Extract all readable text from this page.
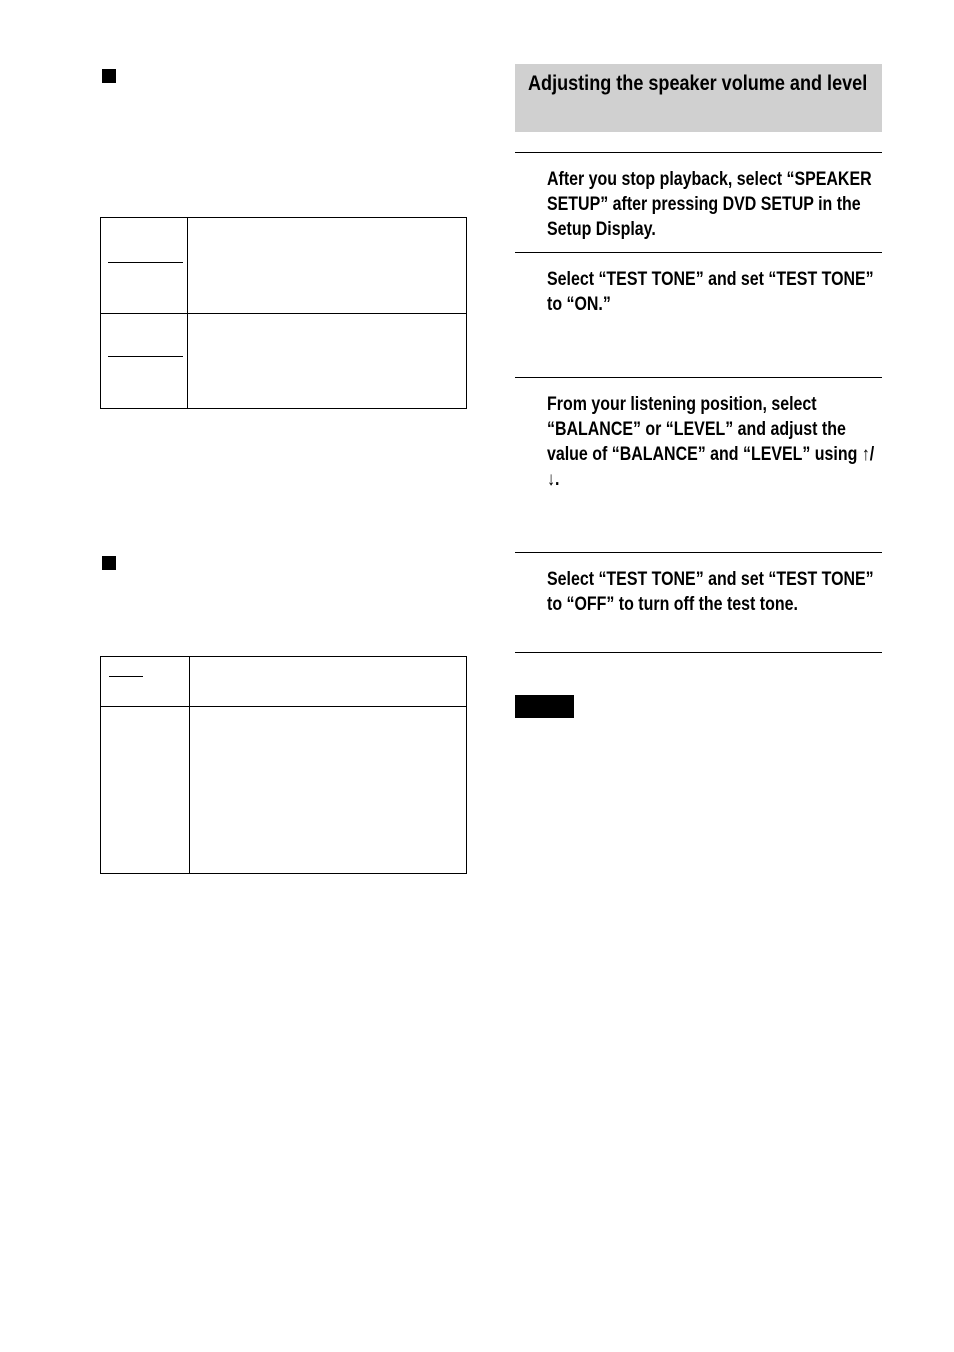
Adjusting the speaker volume and level

After you stop playback, select “SPEAKER SETUP” after pressing DVD SETUP in the Setup Display.

Select “TEST TONE” and set “TEST TONE” to “ON.”

From your listening position, select “BALANCE” or “LEVEL” and adjust the value of “BALANCE” and “LEVEL” using ↑/↓.

Select “TEST TONE” and set “TEST TONE” to “OFF” to turn off the test tone.
